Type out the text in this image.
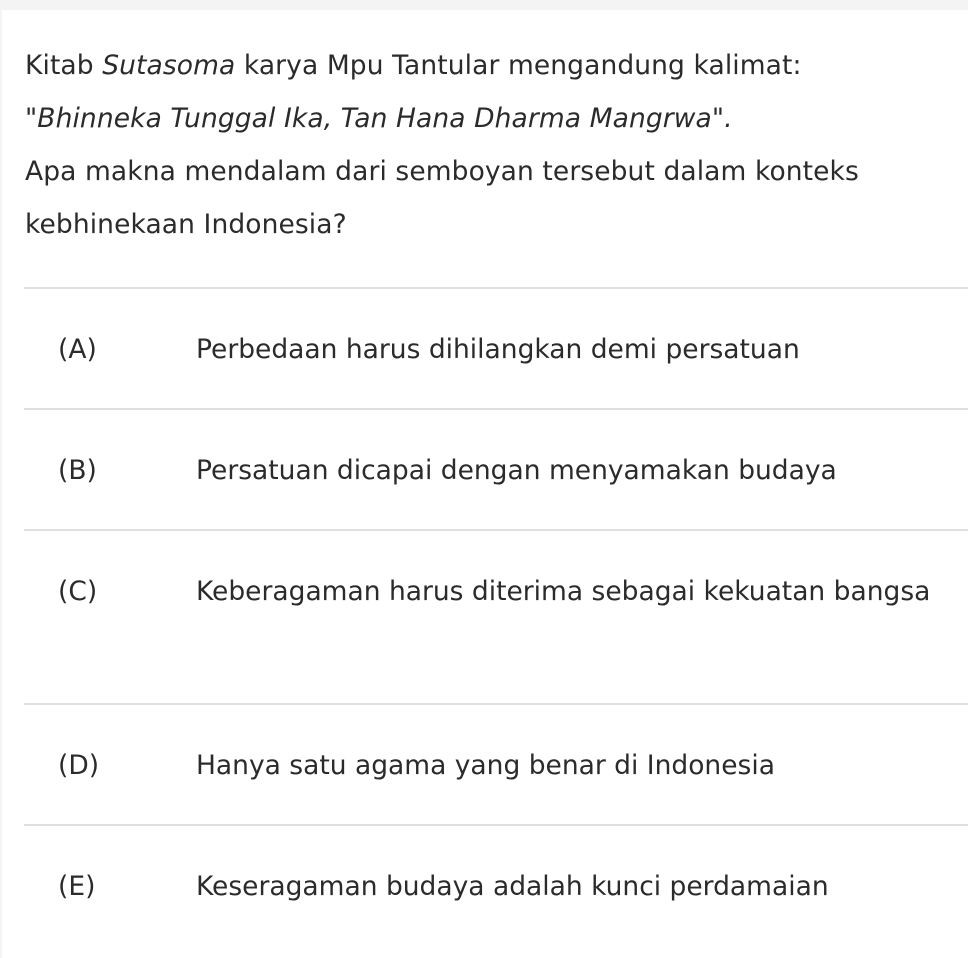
Kitab Sutasoma karya Mpu Tantular mengandung kalimat:
"Bhinneka Tunggal Ika, Tan Hana Dharma Mangrwa".
Apa makna mendalam dari semboyan tersebut dalam konteks
kebhinekaan Indonesia?
(A)	Perbedaan harus dihilangkan demi persatuan
(B)	Persatuan dicapai dengan menyamakan budaya
(C)	Keberagaman harus diterima sebagai kekuatan bangsa
(D)	Hanya satu agama yang benar di Indonesia
(E)	Keseragaman budaya adalah kunci perdamaian
